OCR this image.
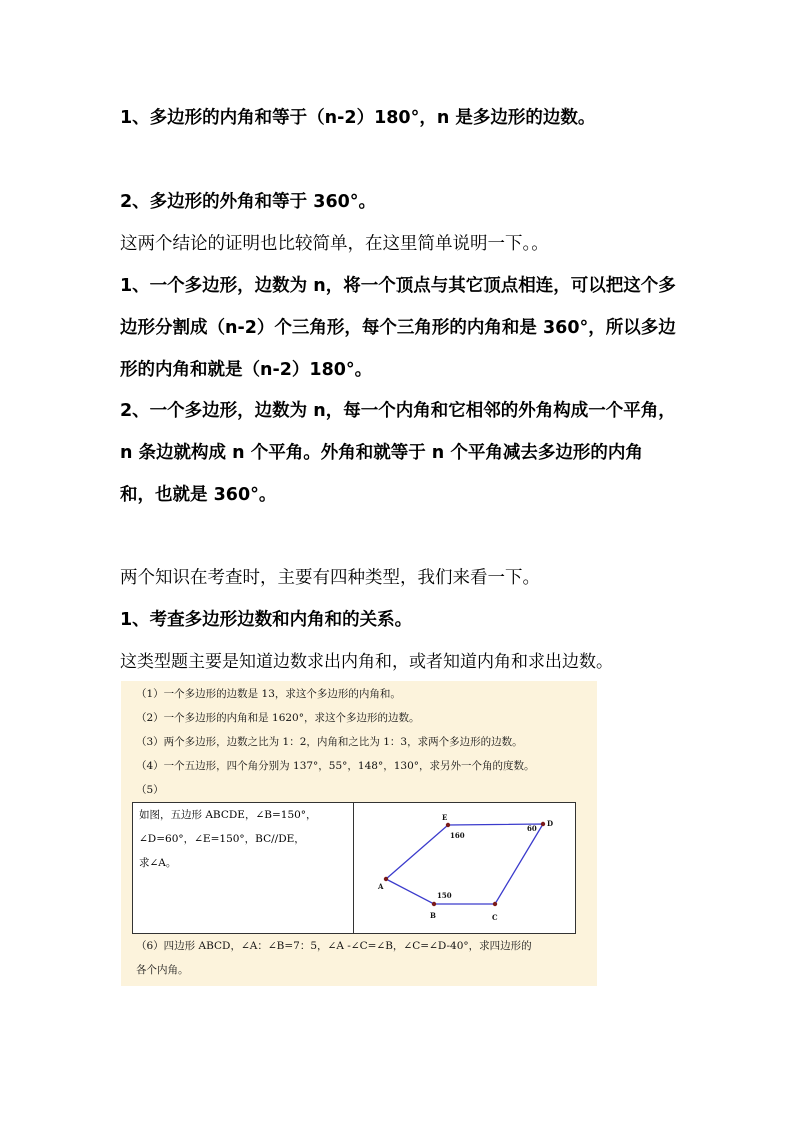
1、多边形的内角和等于（n-2）180°，n 是多边形的边数。

2、多边形的外角和等于 360°。

这两个结论的证明也比较简单，在这里简单说明一下。。

1、一个多边形，边数为 n，将一个顶点与其它顶点相连，可以把这个多边形分割成（n-2）个三角形，每个三角形的内角和是 360°，所以多边形的内角和就是（n-2）180°。

2、一个多边形，边数为 n，每一个内角和它相邻的外角构成一个平角，n 条边就构成 n 个平角。外角和就等于 n 个平角减去多边形的内角和，也就是 360°。

两个知识在考查时，主要有四种类型，我们来看一下。

1、考查多边形边数和内角和的关系。

这类型题主要是知道边数求出内角和，或者知道内角和求出边数。

（1）一个多边形的边数是 13，求这个多边形的内角和。
（2）一个多边形的内角和是 1620°，求这个多边形的边数。
（3）两个多边形，边数之比为 1：2，内角和之比为 1：3，求两个多边形的边数。
（4）一个五边形，四个角分别为 137°，55°，148°，130°，求另外一个角的度数。
（5）
如图，五边形 ABCDE，∠B=150°，
∠D=60°，∠E=150°，BC//DE，
求∠A。
A
B	C
D
E
160
60
150
（6）四边形 ABCD，∠A：∠B=7：5，∠A -∠C=∠B，∠C=∠D-40°，求四边形的
各个内角。
